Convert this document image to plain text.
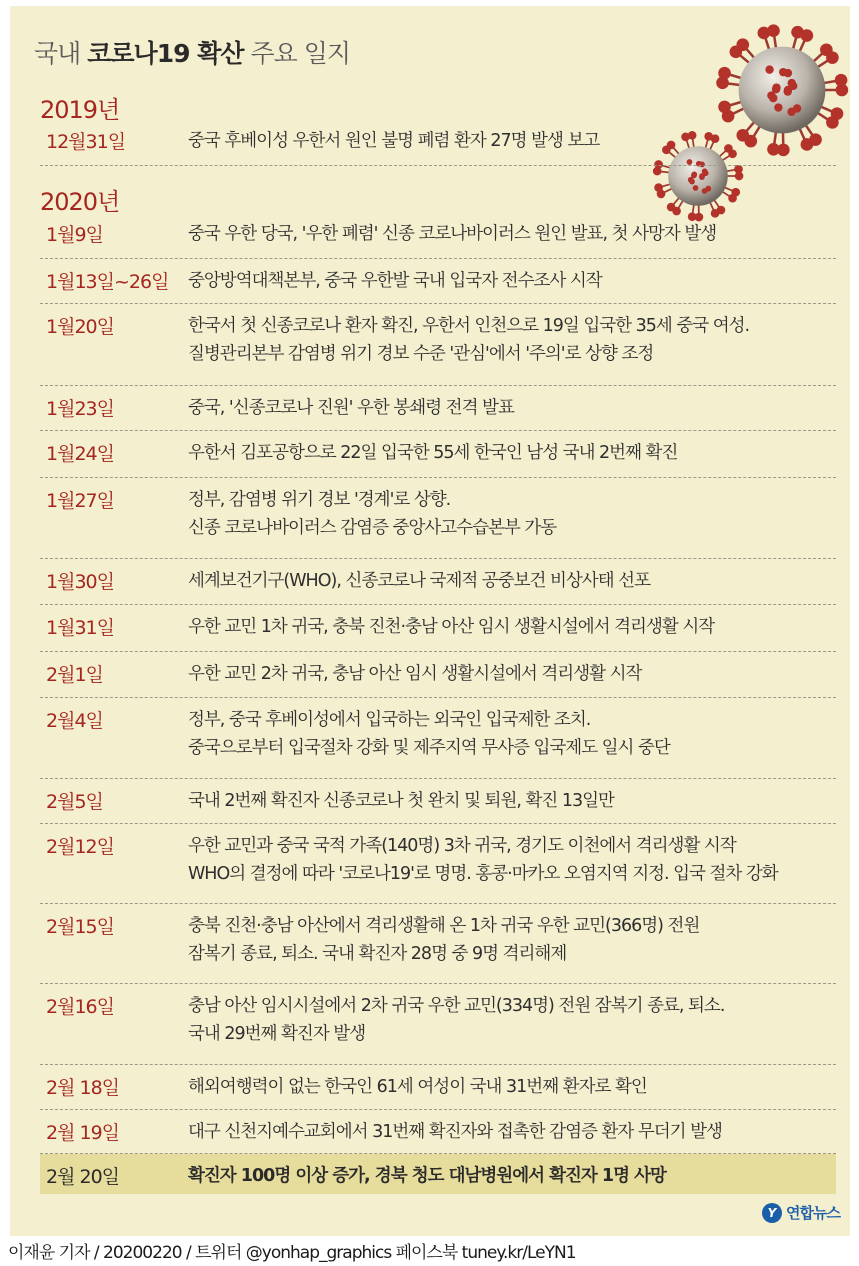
국내 코로나19 확산 주요 일지
2019년
2020년
12월31일	중국 후베이성 우한서 원인 불명 폐렴 환자 27명 발생 보고
1월9일	중국 우한 당국, '우한 폐렴' 신종 코로나바이러스 원인 발표, 첫 사망자 발생
1월13일~26일 중앙방역대책본부, 중국 우한발 국내 입국자 전수조사 시작
1월20일	한국서 첫 신종코로나 환자 확진, 우한서 인천으로 19일 입국한 35세 중국 여성.
질병관리본부 감염병 위기 경보 수준 '관심'에서 '주의'로 상향 조정
1월23일	중국, '신종코로나 진원' 우한 봉쇄령 전격 발표
1월24일	우한서 김포공항으로 22일 입국한 55세 한국인 남성 국내 2번째 확진
1월27일	정부, 감염병 위기 경보 '경계'로 상향.
신종 코로나바이러스 감염증 중앙사고수습본부 가동
1월30일	세계보건기구(WHO), 신종코로나 국제적 공중보건 비상사태 선포
1월31일	우한 교민 1차 귀국, 충북 진천·충남 아산 임시 생활시설에서 격리생활 시작
2월1일	우한 교민 2차 귀국, 충남 아산 임시 생활시설에서 격리생활 시작
2월4일	정부, 중국 후베이성에서 입국하는 외국인 입국제한 조치.
중국으로부터 입국절차 강화 및 제주지역 무사증 입국제도 일시 중단
2월5일	국내 2번째 확진자 신종코로나 첫 완치 및 퇴원, 확진 13일만
2월12일	우한 교민과 중국 국적 가족(140명) 3차 귀국, 경기도 이천에서 격리생활 시작
WHO의 결정에 따라 '코로나19'로 명명. 홍콩·마카오 오염지역 지정. 입국 절차 강화
2월15일	충북 진천·충남 아산에서 격리생활해 온 1차 귀국 우한 교민(366명) 전원
잠복기 종료, 퇴소. 국내 확진자 28명 중 9명 격리해제
2월16일	충남 아산 임시시설에서 2차 귀국 우한 교민(334명) 전원 잠복기 종료, 퇴소.
국내 29번째 확진자 발생
2월 18일	해외여행력이 없는 한국인 61세 여성이 국내 31번째 환자로 확인
2월 19일	대구 신천지예수교회에서 31번째 확진자와 접촉한 감염증 환자 무더기 발생
2월 20일	확진자 100명 이상 증가, 경북 청도 대남병원에서 확진자 1명 사망
Y 연합뉴스
이재윤 기자 / 20200220 / 트위터 @yonhap_graphics 페이스북 tuney.kr/LeYN1
